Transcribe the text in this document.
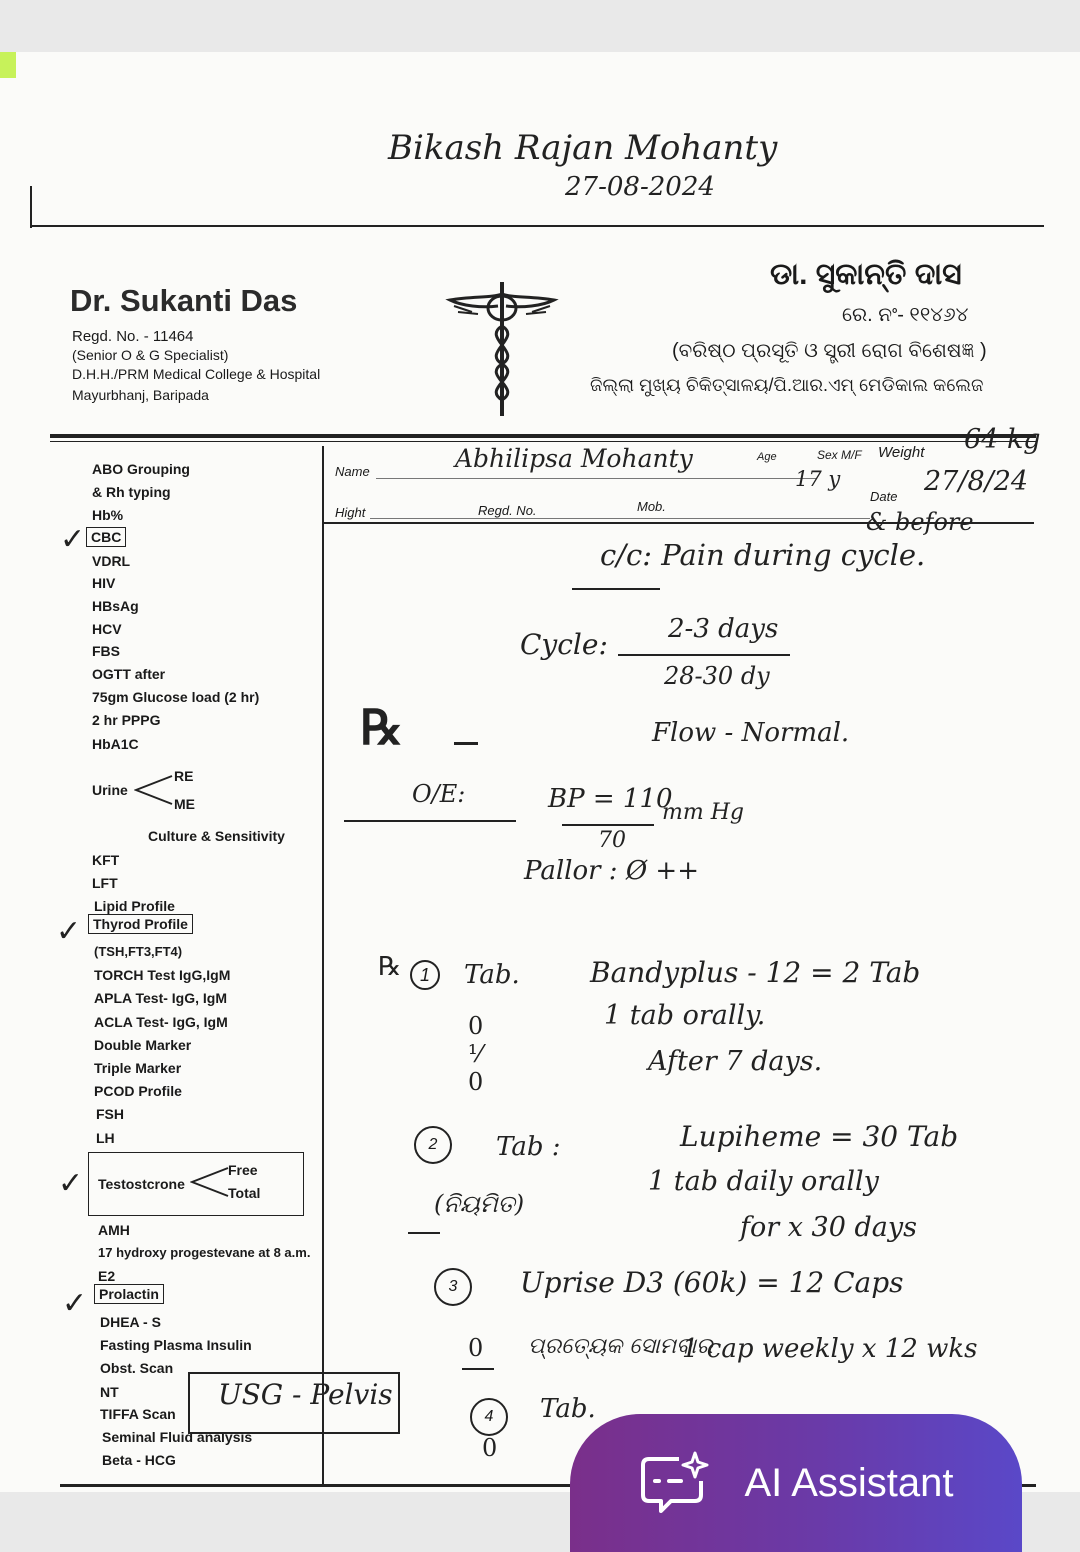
Bikash Rajan Mohanty
27-08-2024
Dr. Sukanti Das
Regd. No. - 11464
(Senior O & G Specialist)
D.H.H./PRM Medical College & Hospital
Mayurbhanj, Baripada
ଡା. ସୁକାନ୍ତି ଦାସ
ରେ. ନଂ- ୧୧୪୬୪
(ବରିଷ୍ଠ ପ୍ରସୂତି ଓ ସ୍ତ୍ରୀ ରୋଗ ବିଶେଷଜ୍ଞ )
ଜିଲ୍ଲା ମୁଖ୍ୟ ଚିକିତ୍ସାଳୟ/ପି.ଆର.ଏମ୍ ମେଡିକାଲ କଲେଜ
Name	Abhilipsa Mohanty	Age
17 y
Sex M/F Weight 64 kg
Hight	Regd. No.	Mob.
Date 27/8/24
ABO Grouping
& Rh typing
Hb%
CBC
✓
VDRL
HIV
HBsAg
HCV
FBS
OGTT after
75gm Glucose load (2 hr)
2 hr PPPG
HbA1C
Urine
RE
ME
Culture & Sensitivity
KFT
LFT
Lipid Profile
Thyrod Profile
✓
(TSH,FT3,FT4)
TORCH Test IgG,IgM
APLA Test- IgG, IgM
ACLA Test- IgG, IgM
Double Marker
Triple Marker
PCOD Profile
FSH
LH
✓ Testostcrone
Free
Total
AMH
17 hydroxy progestevane at 8 a.m.
E2
Prolactin
✓
DHEA - S
Fasting Plasma Insulin
Obst. Scan
NT
TIFFA Scan
Seminal Fluid analysis
Beta - HCG
USG - Pelvis
& before
c/c: Pain during cycle.
Cycle: 2-3 days
28-30 dy
℞	Flow - Normal.
O/E:	BP = 110
70
mm Hg
Pallor : Ø ++
℞	1	Tab.	Bandyplus - 12 = 2 Tab
1 tab orally.
After 7 days.
0
⅟
0
2	Tab :	Lupiheme = 30 Tab
1 tab daily orally
(ନିୟମିତ)
for x 30 days
3	Uprise D3 (60k) = 12 Caps
0 ପ୍ରତ୍ୟେକ ସୋମବାର
1 cap weekly x 12 wks
4	Tab.
0
AI Assistant
